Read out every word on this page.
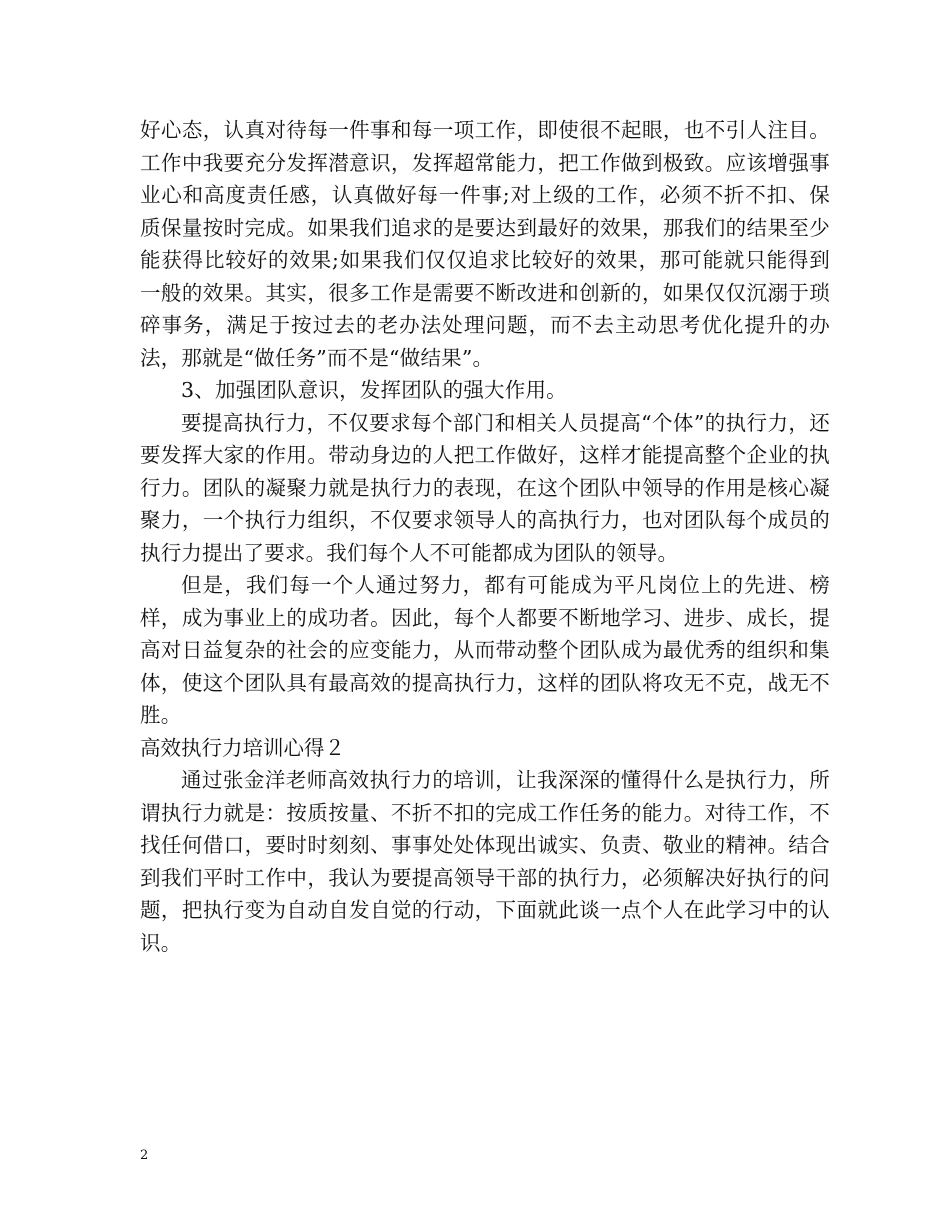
好心态，认真对待每一件事和每一项工作，即使很不起眼，也不引人注目。工作中我要充分发挥潜意识，发挥超常能力，把工作做到极致。应该增强事业心和高度责任感，认真做好每一件事;对上级的工作，必须不折不扣、保质保量按时完成。如果我们追求的是要达到最好的效果，那我们的结果至少能获得比较好的效果;如果我们仅仅追求比较好的效果，那可能就只能得到一般的效果。其实，很多工作是需要不断改进和创新的，如果仅仅沉溺于琐碎事务，满足于按过去的老办法处理问题，而不去主动思考优化提升的办法，那就是“做任务”而不是“做结果”。

3、加强团队意识，发挥团队的强大作用。

要提高执行力，不仅要求每个部门和相关人员提高“个体”的执行力，还要发挥大家的作用。带动身边的人把工作做好，这样才能提高整个企业的执行力。团队的凝聚力就是执行力的表现，在这个团队中领导的作用是核心凝聚力，一个执行力组织，不仅要求领导人的高执行力，也对团队每个成员的执行力提出了要求。我们每个人不可能都成为团队的领导。

但是，我们每一个人通过努力，都有可能成为平凡岗位上的先进、榜样，成为事业上的成功者。因此，每个人都要不断地学习、进步、成长，提高对日益复杂的社会的应变能力，从而带动整个团队成为最优秀的组织和集体，使这个团队具有最高效的提高执行力，这样的团队将攻无不克，战无不胜。

高效执行力培训心得２

通过张金洋老师高效执行力的培训，让我深深的懂得什么是执行力，所谓执行力就是：按质按量、不折不扣的完成工作任务的能力。对待工作，不找任何借口，要时时刻刻、事事处处体现出诚实、负责、敬业的精神。结合到我们平时工作中，我认为要提高领导干部的执行力，必须解决好执行的问题，把执行变为自动自发自觉的行动，下面就此谈一点个人在此学习中的认识。

2
